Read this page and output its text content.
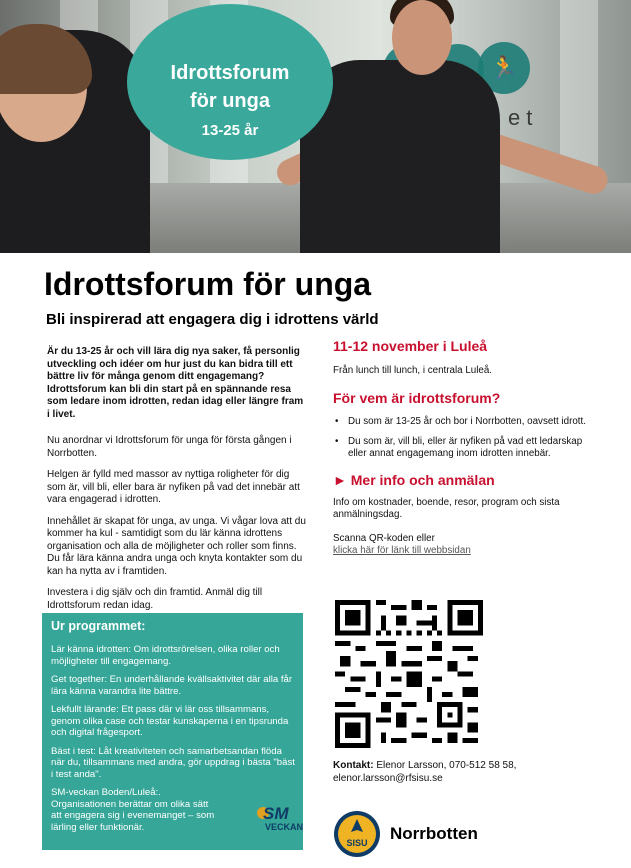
🏃
et
Idrottsforum
för unga
13-25 år
Idrottsforum för unga
Bli inspirerad att engagera dig i idrottens värld

Är du 13-25 år och vill lära dig nya saker, få personlig utveckling och idéer om hur just du kan bidra till ett bättre liv för många genom ditt engagemang? Idrottsforum kan bli din start på en spännande resa som ledare inom idrotten, redan idag eller längre fram i livet.

Nu anordnar vi Idrottsforum för unga för första gången i Norrbotten.

Helgen är fylld med massor av nyttiga roligheter för dig som är, vill bli, eller bara är nyfiken på vad det innebär att vara engagerad i idrotten.

Innehållet är skapat för unga, av unga. Vi vågar lova att du kommer ha kul - samtidigt som du lär känna idrottens organisation och alla de möjligheter och roller som finns. Du får lära känna andra unga och knyta kontakter som du kan ha nytta av i framtiden.

Investera i dig själv och din framtid. Anmäl dig till Idrottsforum redan idag.

Ur programmet:

Lär känna idrotten: Om idrottsrörelsen, olika roller och möjligheter till engagemang.

Get together: En underhållande kvällsaktivitet där alla får lära känna varandra lite bättre.

Lekfullt lärande: Ett pass där vi lär oss tillsammans, genom olika case och testar kunskaperna i en tipsrunda och digital frågesport.

Bäst i test: Låt kreativiteten och samarbetsandan flöda när du, tillsammans med andra, gör uppdrag i bästa "bäst i test anda".

SM-veckan Boden/Luleå:. Organisationen berättar om olika sätt att engagera sig i evenemanget – som lärling eller funktionär.

SM
VECKAN
11-12 november i Luleå
Från lunch till lunch, i centrala Luleå.
För vem är idrottsforum?
• Du som är 13-25 år och bor i Norrbotten, oavsett idrott.
• Du som är, vill bli, eller är nyfiken på vad ett ledarskap eller annat engagemang inom idrotten innebär.
► Mer info och anmälan
Info om kostnader, boende, resor, program och sista anmälningsdag.
Scanna QR-koden eller
klicka här för länk till webbsidan
Kontakt: Elenor Larsson, 070-512 58 58,
elenor.larsson@rfsisu.se
SISU Norrbotten
